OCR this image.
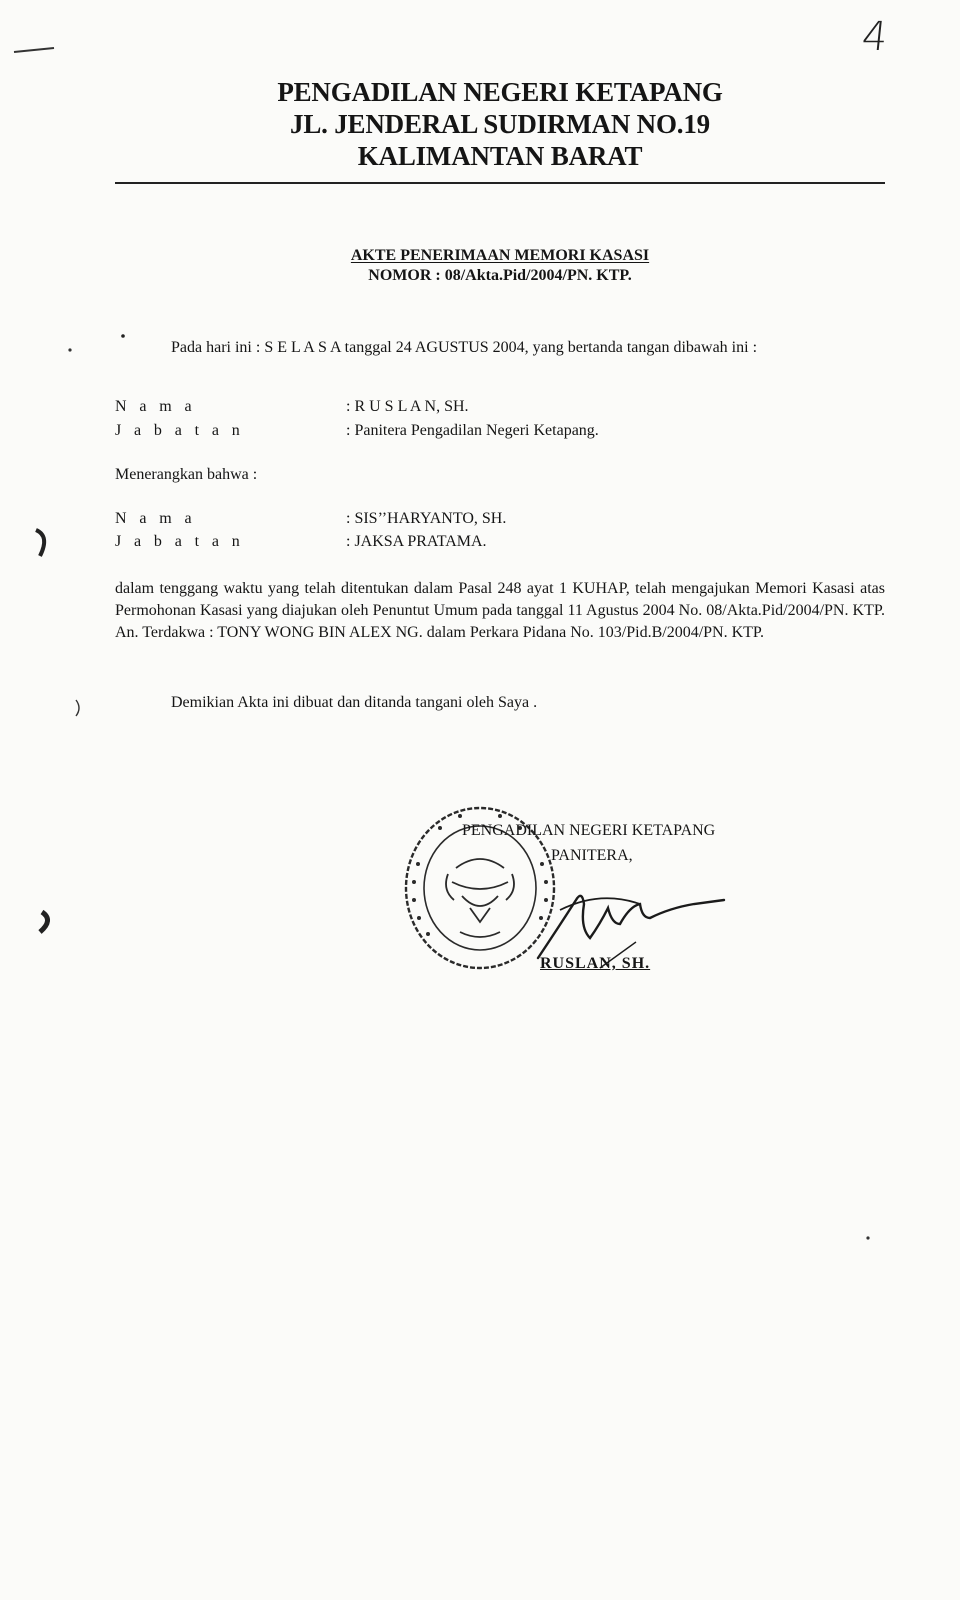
4
PENGADILAN NEGERI KETAPANG
JL. JENDERAL SUDIRMAN NO.19
KALIMANTAN BARAT
AKTE PENERIMAAN MEMORI KASASI
NOMOR : 08/Akta.Pid/2004/PN. KTP.
Pada hari ini : S E L A S A tanggal 24 AGUSTUS 2004, yang bertanda tangan dibawah ini :
N a m a	: R U S L A N, SH.
J a b a t a n	: Panitera Pengadilan Negeri Ketapang.
Menerangkan bahwa :
N a m a	: SIS’’HARYANTO, SH.
J a b a t a n	: JAKSA PRATAMA.
dalam tenggang waktu yang telah ditentukan dalam Pasal 248 ayat 1 KUHAP, telah mengajukan Memori Kasasi atas Permohonan Kasasi yang diajukan oleh Penuntut Umum pada tanggal 11 Agustus 2004 No. 08/Akta.Pid/2004/PN. KTP. An. Terdakwa : TONY WONG BIN ALEX NG. dalam Perkara Pidana No. 103/Pid.B/2004/PN. KTP.
Demikian Akta ini dibuat dan ditanda tangani oleh Saya .
PENGADILAN NEGERI KETAPANG
PANITERA,
RUSLAN, SH.
